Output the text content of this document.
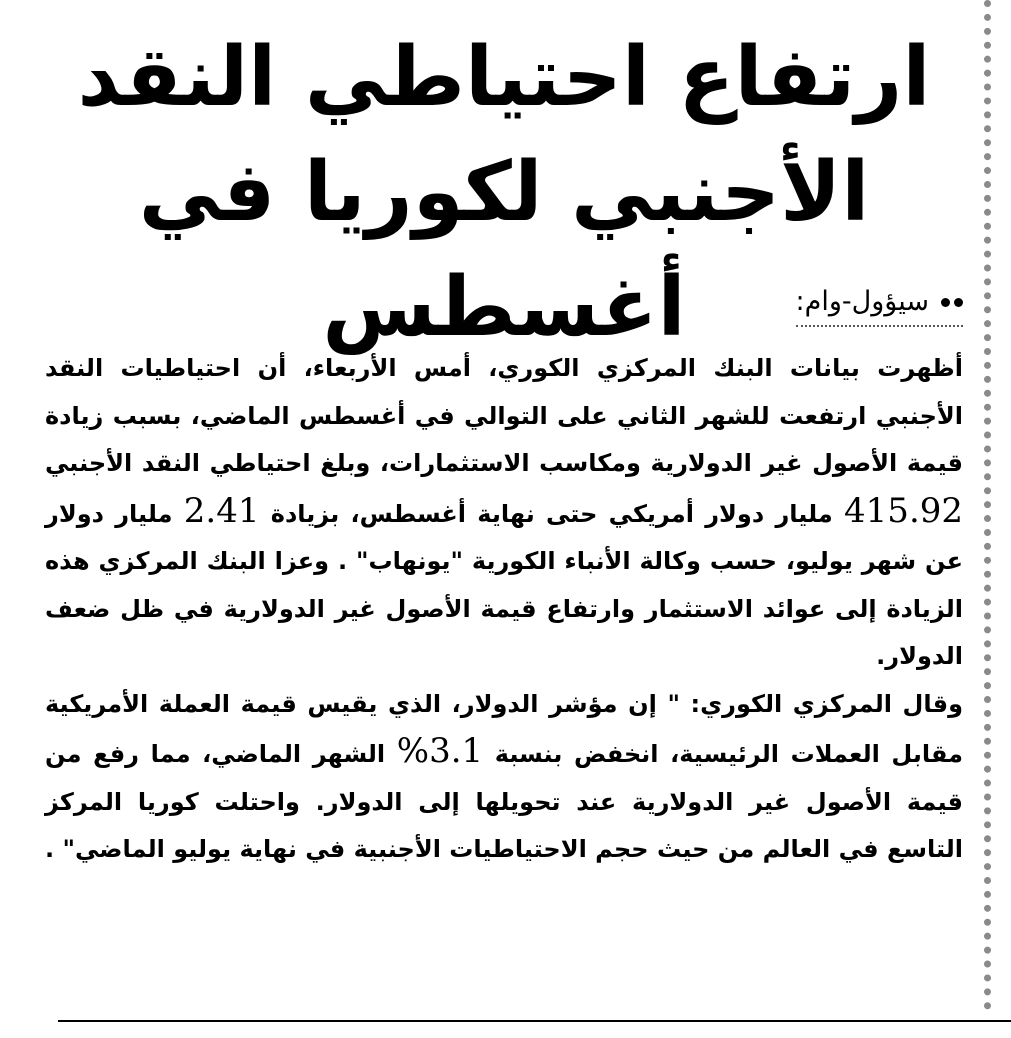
ارتفاع احتياطي النقد
الأجنبي لكوريا في أغسطس	سيؤول-وام:

أظهرت بيانات البنك المركزي الكوري، أمس الأربعاء، أن احتياطيات النقد الأجنبي ارتفعت للشهر الثاني على التوالي في أغسطس الماضي، بسبب زيادة قيمة الأصول غير الدولارية ومكاسب الاستثمارات، وبلغ احتياطي النقد الأجنبي 415.92 مليار دولار أمريكي حتى نهاية أغسطس، بزيادة 2.41 مليار دولار عن شهر يوليو، حسب وكالة الأنباء الكورية "يونهاب" . وعزا البنك المركزي هذه الزيادة إلى عوائد الاستثمار وارتفاع قيمة الأصول غير الدولارية في ظل ضعف الدولار.

وقال المركزي الكوري: " إن مؤشر الدولار، الذي يقيس قيمة العملة الأمريكية مقابل العملات الرئيسية، انخفض بنسبة 3.1% الشهر الماضي، مما رفع من قيمة الأصول غير الدولارية عند تحويلها إلى الدولار. واحتلت كوريا المركز التاسع في العالم من حيث حجم الاحتياطيات الأجنبية في نهاية يوليو الماضي" .
